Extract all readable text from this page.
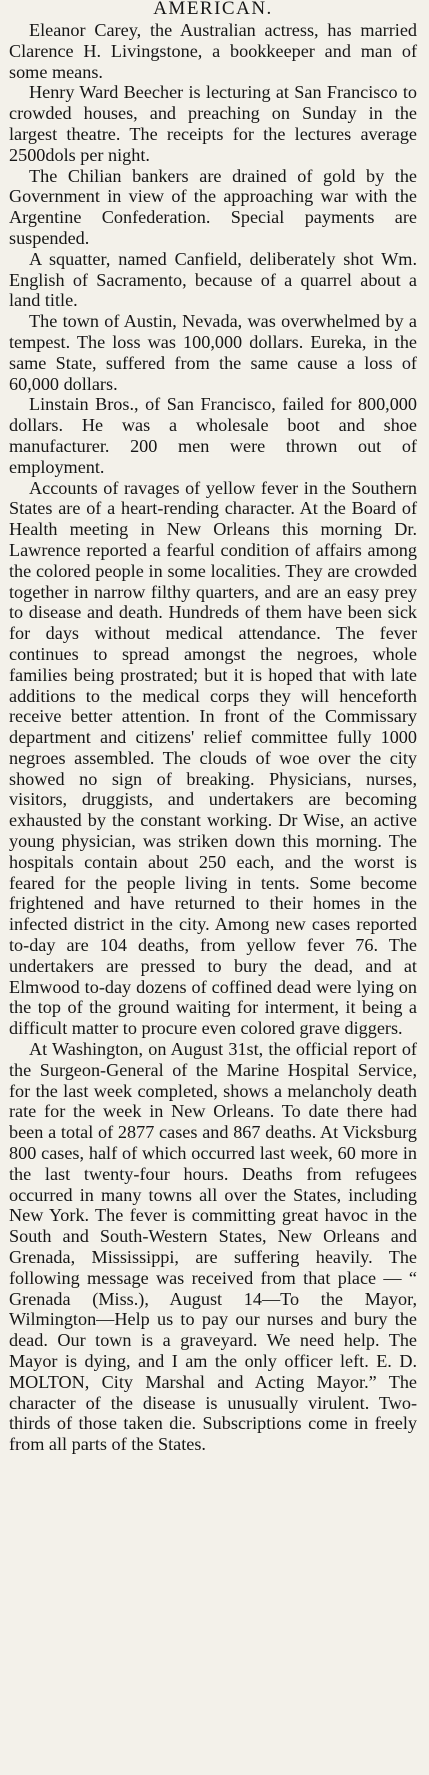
AMERICAN.

Eleanor Carey, the Australian actress, has married Clarence H. Livingstone, a bookkeeper and man of some means.

Henry Ward Beecher is lecturing at San Francisco to crowded houses, and preaching on Sunday in the largest theatre. The receipts for the lectures average 2500dols per night.

The Chilian bankers are drained of gold by the Government in view of the approaching war with the Argentine Confederation. Special payments are suspended.

A squatter, named Canfield, deliberately shot Wm. English of Sacramento, because of a quarrel about a land title.

The town of Austin, Nevada, was overwhelmed by a tempest. The loss was 100,000 dollars. Eureka, in the same State, suffered from the same cause a loss of 60,000 dollars.

Linstain Bros., of San Francisco, failed for 800,000 dollars. He was a wholesale boot and shoe manufacturer. 200 men were thrown out of employment.

Accounts of ravages of yellow fever in the Southern States are of a heart-rending character. At the Board of Health meeting in New Orleans this morning Dr. Lawrence reported a fearful condition of affairs among the colored people in some localities. They are crowded together in narrow filthy quarters, and are an easy prey to disease and death. Hundreds of them have been sick for days without medical attendance. The fever continues to spread amongst the negroes, whole families being prostrated; but it is hoped that with late additions to the medical corps they will henceforth receive better attention. In front of the Commissary department and citizens' relief committee fully 1000 negroes assembled. The clouds of woe over the city showed no sign of breaking. Physicians, nurses, visitors, druggists, and undertakers are becoming exhausted by the constant working. Dr Wise, an active young physician, was striken down this morning. The hospitals contain about 250 each, and the worst is feared for the people living in tents. Some become frightened and have returned to their homes in the infected district in the city. Among new cases reported to-day are 104 deaths, from yellow fever 76. The undertakers are pressed to bury the dead, and at Elmwood to-day dozens of coffined dead were lying on the top of the ground waiting for interment, it being a difficult matter to procure even colored grave diggers.

At Washington, on August 31st, the official report of the Surgeon-General of the Marine Hospital Service, for the last week completed, shows a melancholy death rate for the week in New Orleans. To date there had been a total of 2877 cases and 867 deaths. At Vicksburg 800 cases, half of which occurred last week, 60 more in the last twenty-four hours. Deaths from refugees occurred in many towns all over the States, including New York. The fever is committing great havoc in the South and South-Western States, New Orleans and Grenada, Mississippi, are suffering heavily. The following message was received from that place — “ Grenada (Miss.), August 14—To the Mayor, Wilmington—Help us to pay our nurses and bury the dead. Our town is a graveyard. We need help. The Mayor is dying, and I am the only officer left. E. D. MOLTON, City Marshal and Acting Mayor.” The character of the disease is unusually virulent. Two-thirds of those taken die. Subscriptions come in freely from all parts of the States.
